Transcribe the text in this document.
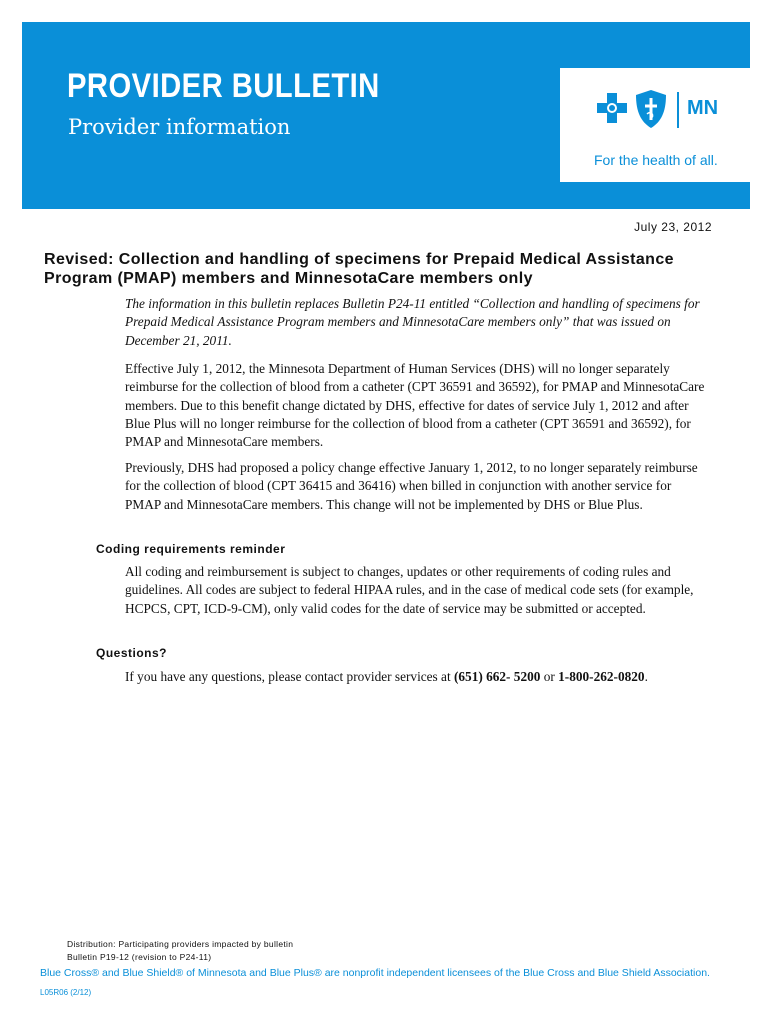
PROVIDER BULLETIN
Provider information
MN
For the health of all.
July 23, 2012
Revised: Collection and handling of specimens for Prepaid Medical Assistance Program (PMAP) members and MinnesotaCare members only

The information in this bulletin replaces Bulletin P24-11 entitled “Collection and handling of specimens for Prepaid Medical Assistance Program members and MinnesotaCare members only” that was issued on December 21, 2011.

Effective July 1, 2012, the Minnesota Department of Human Services (DHS) will no longer separately reimburse for the collection of blood from a catheter (CPT 36591 and 36592), for PMAP and MinnesotaCare members. Due to this benefit change dictated by DHS, effective for dates of service July 1, 2012 and after Blue Plus will no longer reimburse for the collection of blood from a catheter (CPT 36591 and 36592), for PMAP and MinnesotaCare members.

Previously, DHS had proposed a policy change effective January 1, 2012, to no longer separately reimburse for the collection of blood (CPT 36415 and 36416) when billed in conjunction with another service for PMAP and MinnesotaCare members. This change will not be implemented by DHS or Blue Plus.

Coding requirements reminder

All coding and reimbursement is subject to changes, updates or other requirements of coding rules and guidelines. All codes are subject to federal HIPAA rules, and in the case of medical code sets (for example, HCPCS, CPT, ICD-9-CM), only valid codes for the date of service may be submitted or accepted.

Questions?

If you have any questions, please contact provider services at (651) 662- 5200 or 1-800-262-0820.

Distribution: Participating providers impacted by bulletin
Bulletin P19-12 (revision to P24-11)
Blue Cross® and Blue Shield® of Minnesota and Blue Plus® are nonprofit independent licensees of the Blue Cross and Blue Shield Association.
L05R06 (2/12)
